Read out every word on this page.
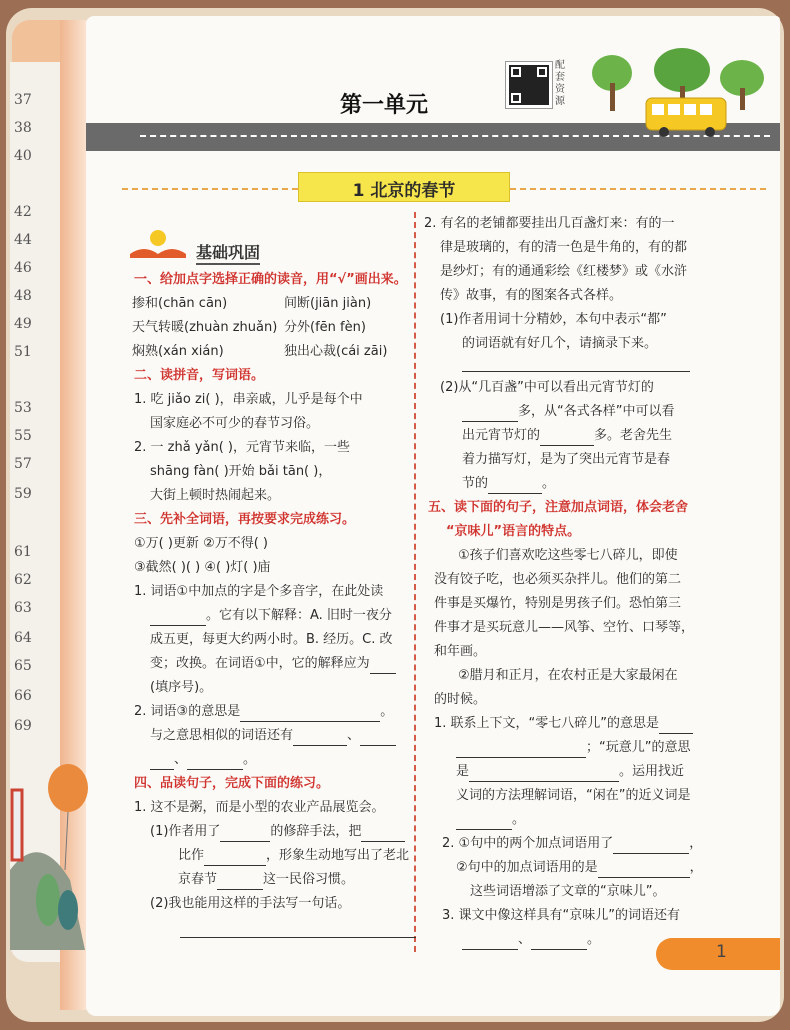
37
38
40
42
44
46
48
49
51
53
55
57
59
61
62
63
64
65
66
69
第一单元
配套资源
1 北京的春节
基础巩固
一、给加点字选择正确的读音，用“√”画出来。
掺和(chān cān)	间断(jiān jiàn)
天气转暖(zhuàn zhuǎn) 分外(fēn fèn)
焖熟(xán xián)	独出心裁(cái zāi)
二、读拼音，写词语。
1. 吃 jiǎo zi( )，串亲戚，儿乎是每个中
国家庭必不可少的春节习俗。
2. 一 zhǎ yǎn( )，元宵节来临，一些
shāng fàn( )开始 bǎi tān( )，
大街上顿时热闹起来。
三、先补全词语，再按要求完成练习。
①万( )更新 ②万不得( )
③截然( )( ) ④( )灯( )庙
1. 词语①中加点的字是个多音字，在此处读
。它有以下解释：A. 旧时一夜分
成五更，每更大约两小时。B. 经历。C. 改
变；改换。在词语①中，它的解释应为
(填序号)。
2. 词语③的意思是	。
与之意思相似的词语还有	、
、	。
四、品读句子，完成下面的练习。
1. 这不是粥，而是小型的农业产品展览会。
(1)作者用了	的修辞手法，把
比作	，形象生动地写出了老北
京春节	这一民俗习惯。
(2)我也能用这样的手法写一句话。
2. 有名的老铺都要挂出几百盏灯来：有的一
律是玻璃的，有的清一色是牛角的，有的都
是纱灯；有的通通彩绘《红楼梦》或《水浒
传》故事，有的图案各式各样。
(1)作者用词十分精妙，本句中表示“都”
的词语就有好几个，请摘录下来。
(2)从“几百盏”中可以看出元宵节灯的
多，从“各式各样”中可以看
出元宵节灯的	多。老舍先生
着力描写灯，是为了突出元宵节是春
节的	。
五、读下面的句子，注意加点词语，体会老舍
“京味儿”语言的特点。
①孩子们喜欢吃这些零七八碎儿，即使
没有饺子吃，也必须买杂拌儿。他们的第二
件事是买爆竹，特别是男孩子们。恐怕第三
件事才是买玩意儿——风筝、空竹、口琴等，
和年画。
②腊月和正月，在农村正是大家最闲在
的时候。
1. 联系上下文，“零七八碎儿”的意思是
；“玩意儿”的意思
是	。运用找近
义词的方法理解词语，“闲在”的近义词是
。
2. ①句中的两个加点词语用了	，
②句中的加点词语用的是	，
这些词语增添了文章的“京味儿”。
3. 课文中像这样具有“京味儿”的词语还有
、	。
1
